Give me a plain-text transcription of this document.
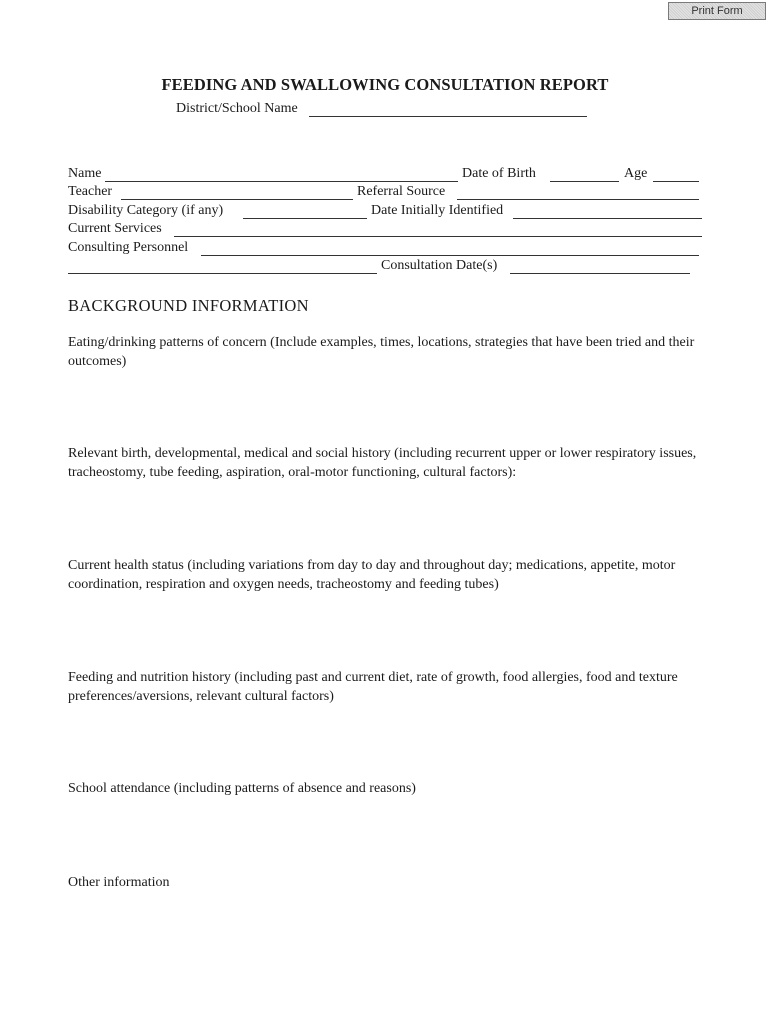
Print Form
FEEDING AND SWALLOWING CONSULTATION REPORT
District/School Name
Name	Date of Birth	Age
Teacher	Referral Source
Disability Category (if any)	Date Initially Identified
Current Services
Consulting Personnel
Consultation Date(s)
BACKGROUND INFORMATION

Eating/drinking patterns of concern (Include examples, times, locations, strategies that have been tried and their outcomes)

Relevant birth, developmental, medical and social history (including recurrent upper or lower respiratory issues, tracheostomy, tube feeding, aspiration, oral-motor functioning, cultural factors):

Current health status (including variations from day to day and throughout day; medications, appetite, motor coordination, respiration and oxygen needs, tracheostomy and feeding tubes)

Feeding and nutrition history (including past and current diet, rate of growth, food allergies, food and texture preferences/aversions, relevant cultural factors)

School attendance (including patterns of absence and reasons)

Other information
